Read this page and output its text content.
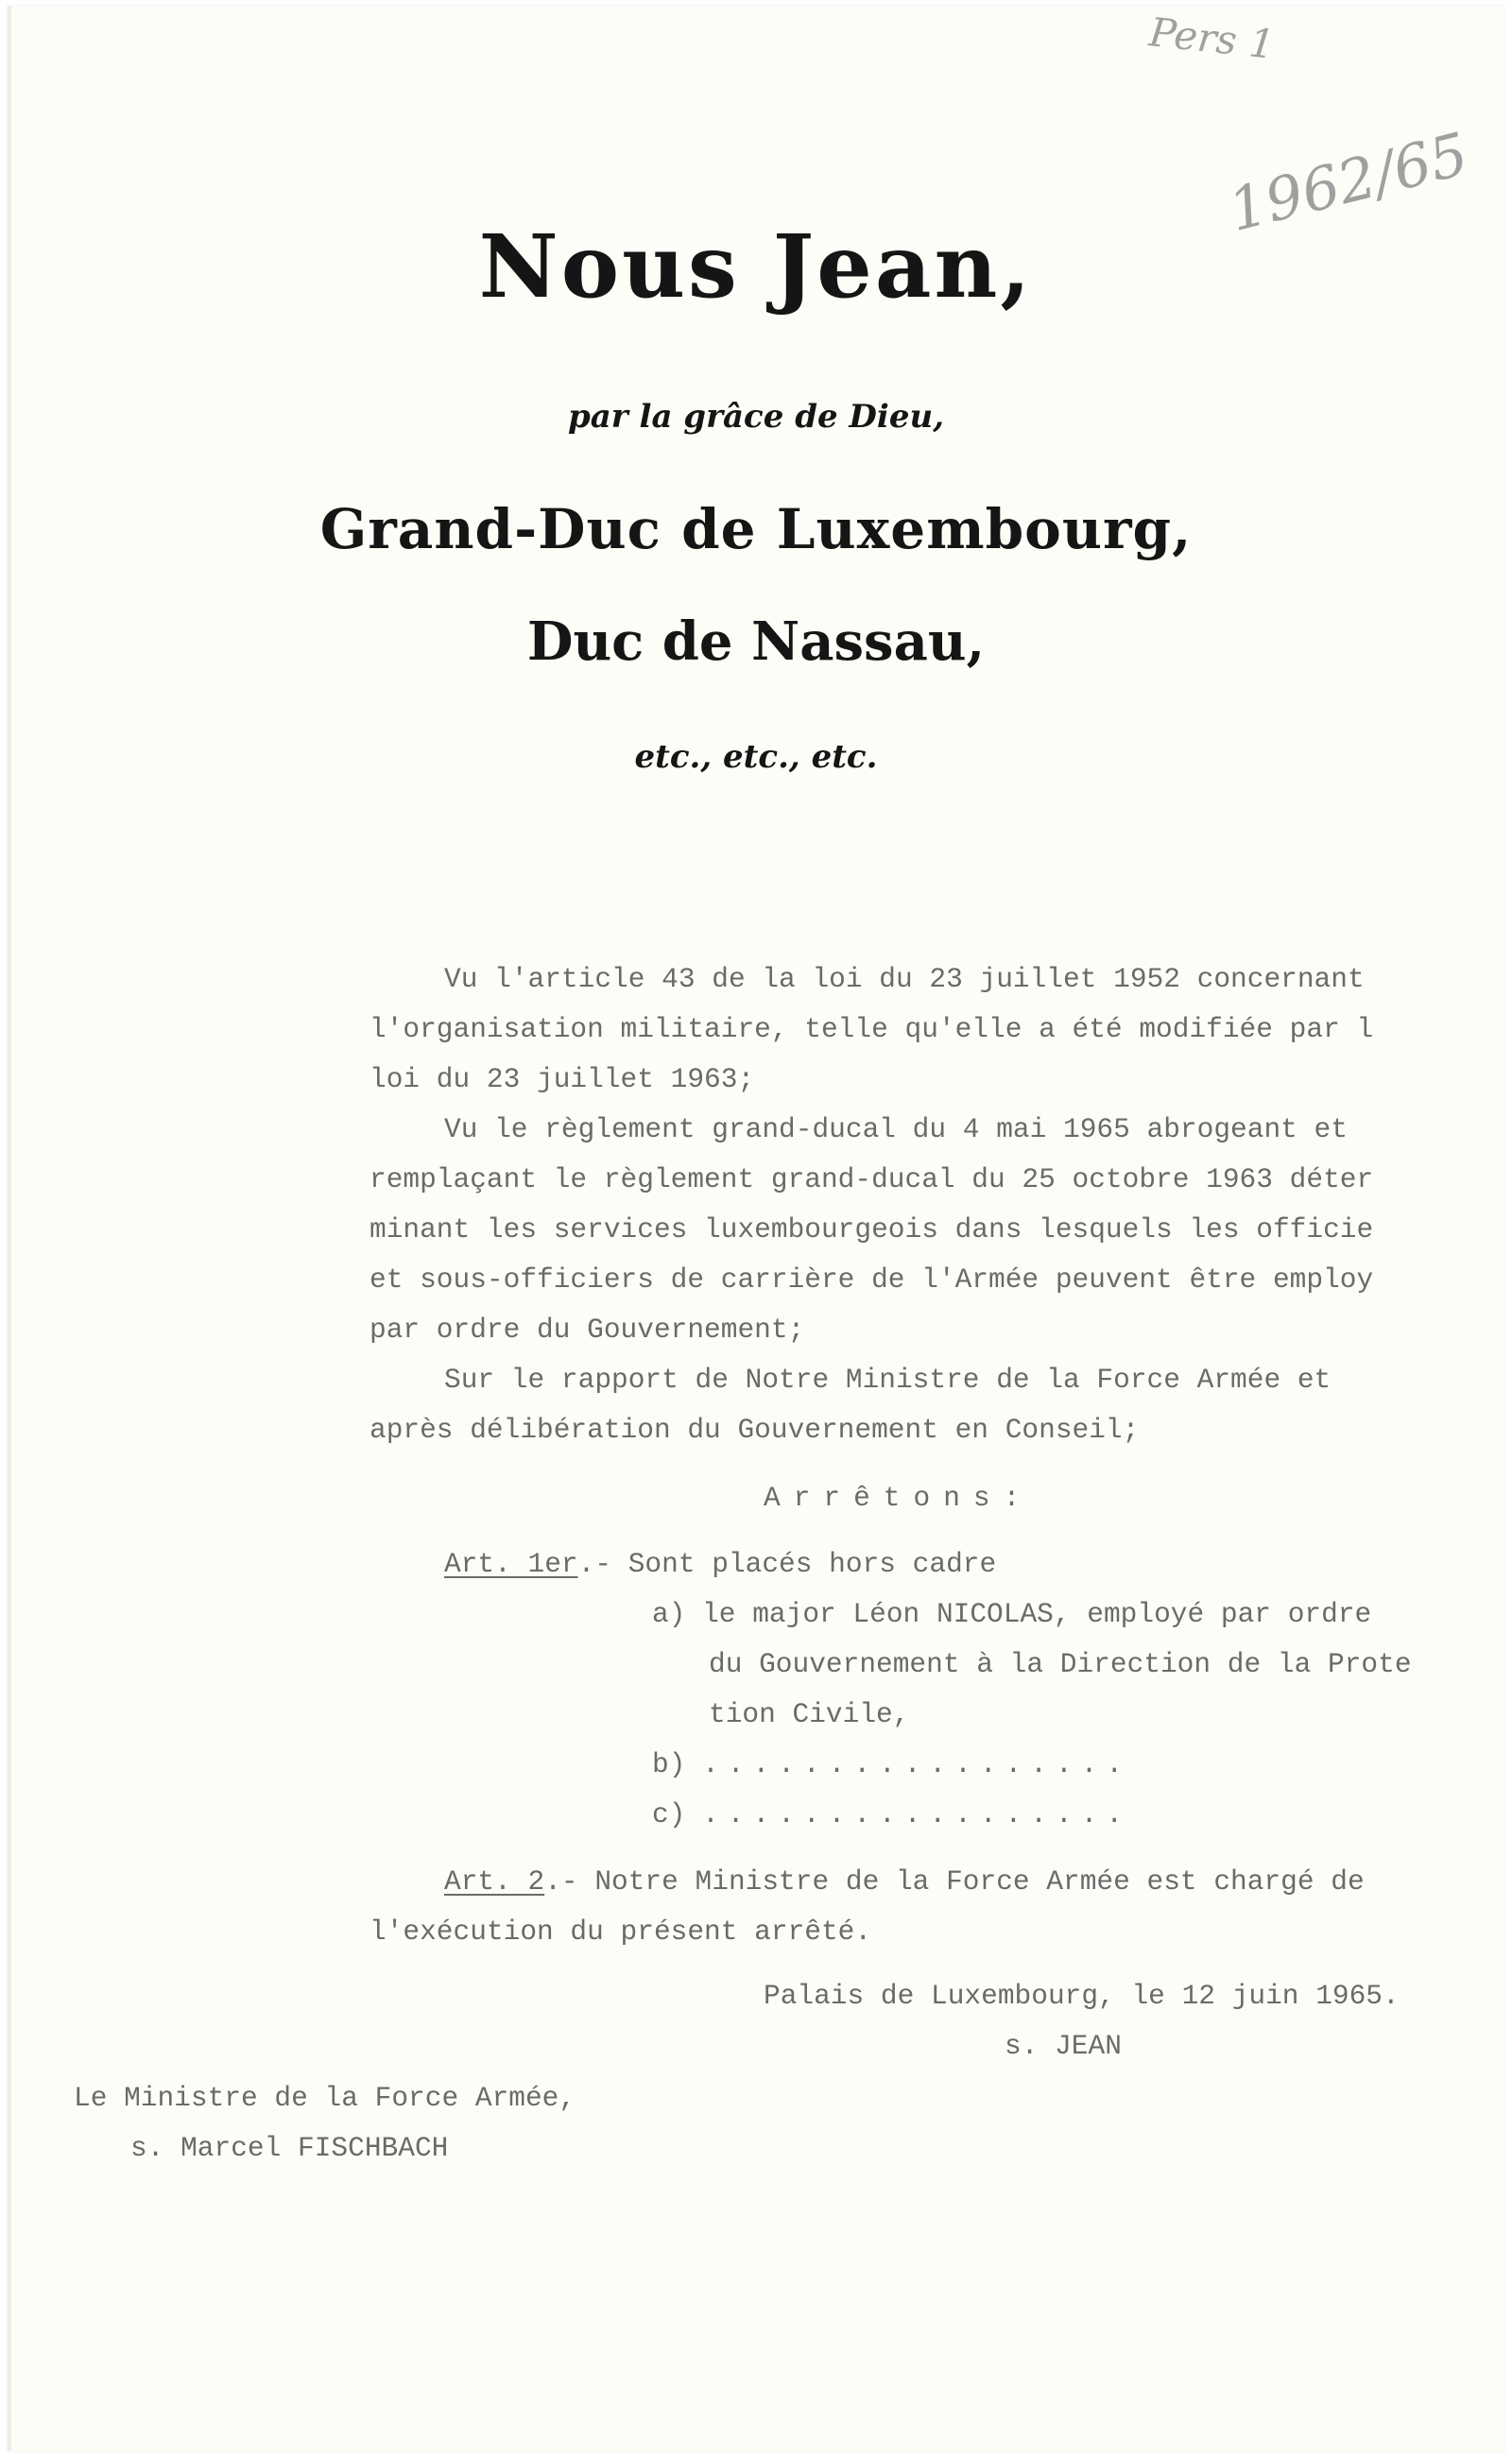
Pers 1
1962/65
Nous Jean,
par la grâce de Dieu,
Grand-Duc de Luxembourg,
Duc de Nassau,
etc., etc., etc.
Vu l'article 43 de la loi du 23 juillet 1952 concernant
l'organisation militaire, telle qu'elle a été modifiée par l
loi du 23 juillet 1963;
Vu le règlement grand-ducal du 4 mai 1965 abrogeant et
remplaçant le règlement grand-ducal du 25 octobre 1963 déter
minant les services luxembourgeois dans lesquels les officie
et sous-officiers de carrière de l'Armée peuvent être employ
par ordre du Gouvernement;
Sur le rapport de Notre Ministre de la Force Armée et
après délibération du Gouvernement en Conseil;
Arrêtons:
Art. 1er.- Sont placés hors cadre
a) le major Léon NICOLAS, employé par ordre
du Gouvernement à la Direction de la Prote
tion Civile,
b) .................
c) .................
Art. 2.- Notre Ministre de la Force Armée est chargé de
l'exécution du présent arrêté.
Palais de Luxembourg, le 12 juin 1965.
s. JEAN
Le Ministre de la Force Armée,
s. Marcel FISCHBACH
